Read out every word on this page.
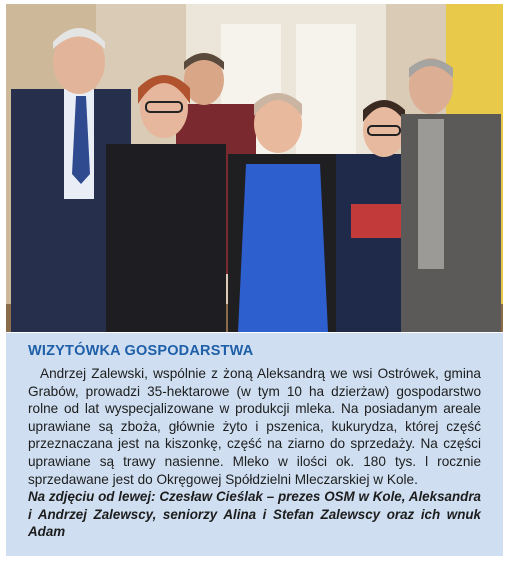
WIZYTÓWKA GOSPODARSTWA

Andrzej Zalewski, wspólnie z żoną Aleksandrą we wsi Ostrówek, gmina Grabów, prowadzi 35-hektarowe (w tym 10 ha dzierżaw) gospodarstwo rolne od lat wyspecjalizowane w produkcji mleka. Na posiadanym areale uprawiane są zboża, głównie żyto i pszenica, kukurydza, której część przeznaczana jest na kiszonkę, część na ziarno do sprzedaży. Na części uprawiane są trawy nasienne. Mleko w ilości ok. 180 tys. l rocznie sprzedawane jest do Okręgowej Spółdzielni Mleczarskiej w Kole.

Na zdjęciu od lewej: Czesław Cieślak – prezes OSM w Kole, Aleksandra i Andrzej Zalewscy, seniorzy Alina i Stefan Zalewscy oraz ich wnuk Adam
